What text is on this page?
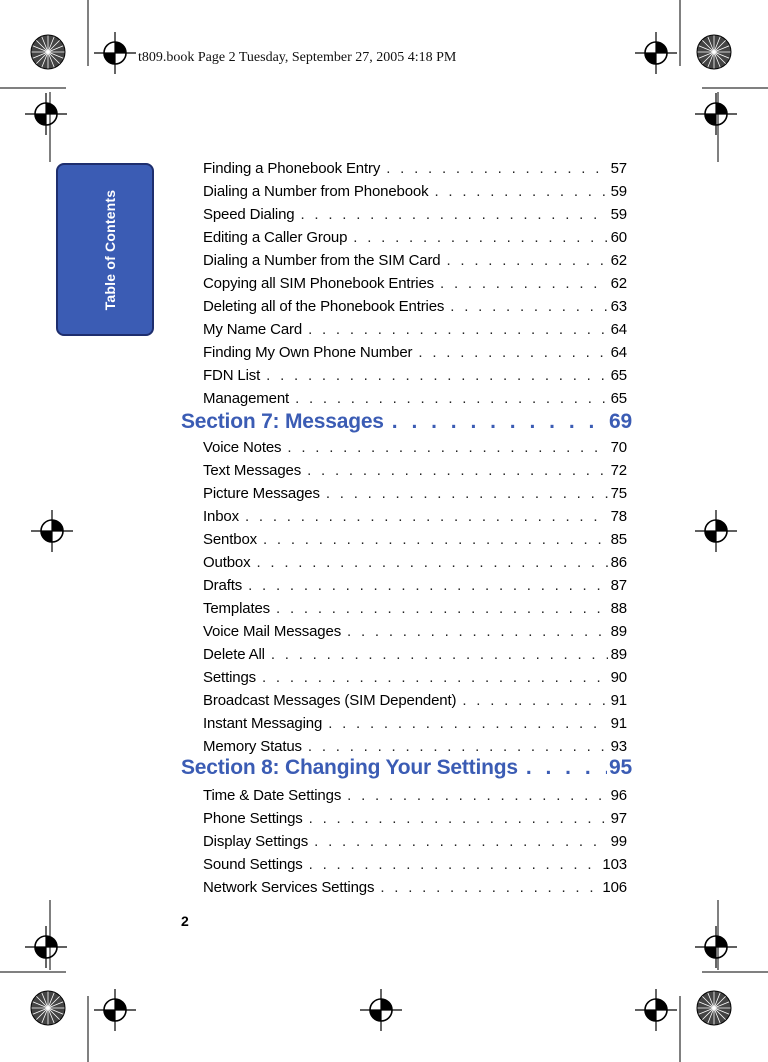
t809.book Page 2 Tuesday, September 27, 2005 4:18 PM
Table of Contents
Finding a Phonebook Entry . . .	57
Dialing a Number from Phonebook . . .	59
Speed Dialing . . .	59
Editing a Caller Group . . .	60
Dialing a Number from the SIM Card . . .	62
Copying all SIM Phonebook Entries . . .	62
Deleting all of the Phonebook Entries . . .	63
My Name Card . . .	64
Finding My Own Phone Number . . .	64
FDN List . . .	65
Management . . .	65
Section 7: Messages . . .	69
Voice Notes . . .	70
Text Messages . . .	72
Picture Messages . . .	75
Inbox . . .	78
Sentbox . . .	85
Outbox . . .	86
Drafts . . .	87
Templates . . .	88
Voice Mail Messages . . .	89
Delete All . . .	89
Settings . . .	90
Broadcast Messages (SIM Dependent) . . .	91
Instant Messaging . . .	91
Memory Status . . .	93
Section 8: Changing Your Settings . . .	95
Time & Date Settings . . .	96
Phone Settings . . .	97
Display Settings . . .	99
Sound Settings . . .	103
Network Services Settings . . .	106
2
